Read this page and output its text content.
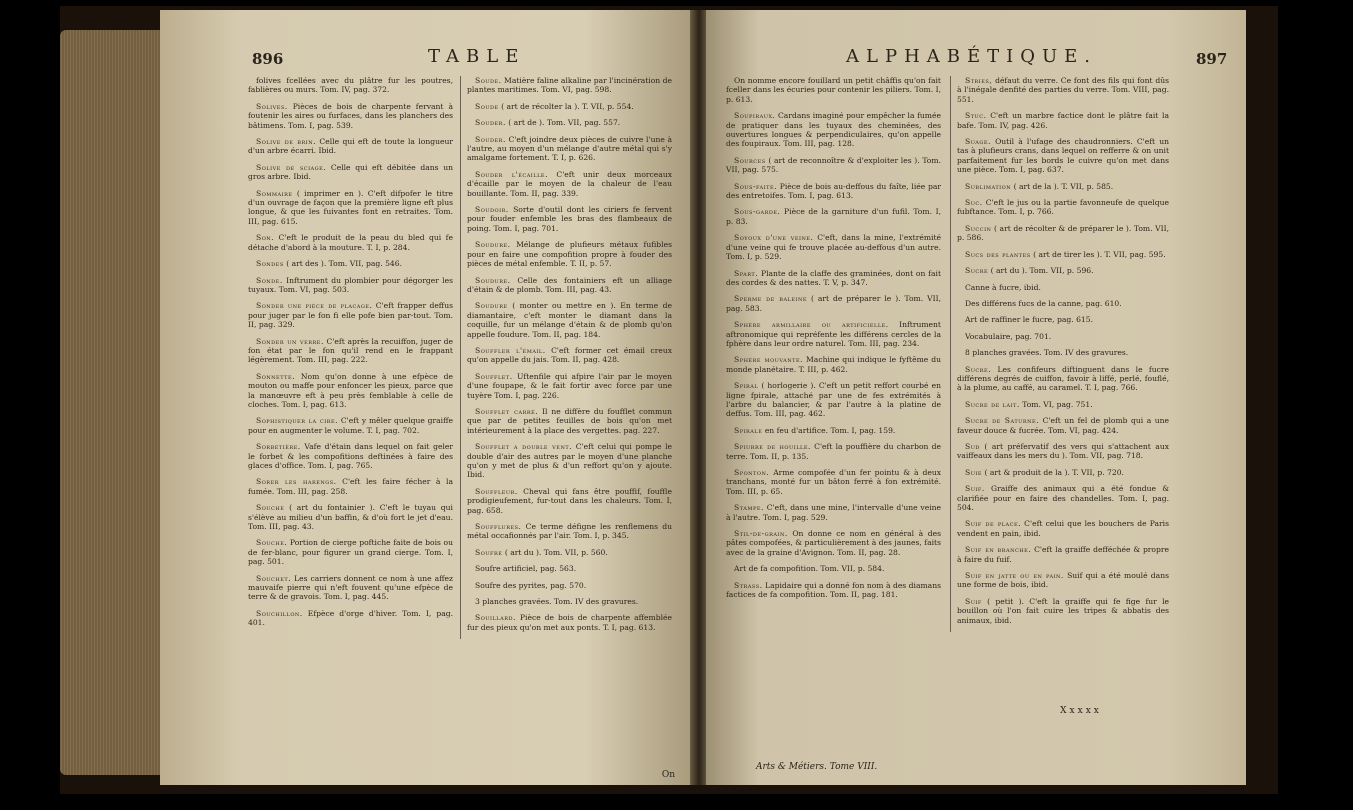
896	TABLE

folives fcellées avec du plâtre fur les poutres, fablières ou murs. Tom. IV, pag. 372.

Solives. Pièces de bois de charpente fervant à foutenir les aires ou furfaces, dans les planchers des bâtimens. Tom. I, pag. 539.

Solive de brin. Celle qui eft de toute la longueur d'un arbre écarri. Ibid.

Solive de sciage. Celle qui eft débitée dans un gros arbre. Ibid.

Sommaire ( imprimer en ). C'eft difpofer le titre d'un ouvrage de façon que la première ligne eft plus longue, & que les fuivantes font en retraites. Tom. III, pag. 615.

Son. C'eft le produit de la peau du bled qui fe détache d'abord à la mouture. T. I, p. 284.

Sondes ( art des ). Tom. VII, pag. 546.

Sonde. Inftrument du plombier pour dégorger les tuyaux. Tom. VI, pag. 503.

Sonder une pièce de placage. C'eft frapper deffus pour juger par le fon fi elle pofe bien par-tout. Tom. II, pag. 329.

Sonder un verre. C'eft après la recuiffon, juger de fon état par le fon qu'il rend en le frappant légèrement. Tom. III, pag. 222.

Sonnette. Nom qu'on donne à une efpèce de mouton ou maffe pour enfoncer les pieux, parce que la manœuvre eft à peu près femblable à celle de cloches. Tom. I, pag. 613.

Sophistiquer la cire. C'eft y mêler quelque graiffe pour en augmenter le volume. T. I, pag. 702.

Sorbetière. Vafe d'étain dans lequel on fait geler le forbet & les compofitions deftinées à faire des glaces d'office. Tom. I, pag. 765.

Sorer les harengs. C'eft les faire fécher à la fumée. Tom. III, pag. 258.

Souche ( art du fontainier ). C'eft le tuyau qui s'élève au milieu d'un baffin, & d'où fort le jet d'eau. Tom. III, pag. 43.

Souche. Portion de cierge poftiche faite de bois ou de fer-blanc, pour figurer un grand cierge. Tom. I, pag. 501.

Souchet. Les carriers donnent ce nom à une affez mauvaife pierre qui n'eft fouvent qu'une efpèce de terre & de gravois. Tom. I, pag. 445.

Souchillon. Efpèce d'orge d'hiver. Tom. I, pag. 401.

Soude. Matière faline alkaline par l'incinération de plantes maritimes. Tom. VI, pag. 598.

Soude ( art de récolter la ). T. VII, p. 554.

Souder. ( art de ). Tom. VII, pag. 557.

Souder. C'eft joindre deux pièces de cuivre l'une à l'autre, au moyen d'un mélange d'autre métal qui s'y amalgame fortement. T. I, p. 626.

Souder l'écaille. C'eft unir deux morceaux d'écaille par le moyen de la chaleur de l'eau bouillante. Tom. II, pag. 339.

Soudoir. Sorte d'outil dont les ciriers fe fervent pour fouder enfemble les bras des flambeaux de poing. Tom. I, pag. 701.

Soudure. Mélange de plufieurs métaux fufibles pour en faire une compofition propre à fouder des pièces de métal enfemble. T. II, p. 57.

Soudure. Celle des fontainiers eft un alliage d'étain & de plomb. Tom. III, pag. 43.

Soudure ( monter ou mettre en ). En terme de diamantaire, c'eft monter le diamant dans la coquille, fur un mélange d'étain & de plomb qu'on appelle foudure. Tom. II, pag. 184.

Souffler l'émail. C'eft former cet émail creux qu'on appelle du jais. Tom. II, pag. 428.

Soufflet. Uftenfile qui afpire l'air par le moyen d'une foupape, & le fait fortir avec force par une tuyère Tom. I, pag. 226.

Soufflet carré. Il ne diffère du foufflet commun que par de petites feuilles de bois qu'on met intérieurement à la place des vergettes. pag. 227.

Soufflet a double vent. C'eft celui qui pompe le double d'air des autres par le moyen d'une planche qu'on y met de plus & d'un reffort qu'on y ajoute. Ibid.

Souffleur. Cheval qui fans être pouffif, fouffle prodigieufement, fur-tout dans les chaleurs. Tom. I, pag. 658.

Soufflures. Ce terme défigne les renflemens du métal occafionnés par l'air. Tom. I, p. 345.

Soufre ( art du ). Tom. VII, p. 560.

Soufre artificiel, pag. 563.

Soufre des pyrites, pag. 570.

3 planches gravées. Tom. IV des gravures.

Souillard. Pièce de bois de charpente affemblée fur des pieux qu'on met aux ponts. T. I, pag. 613.

On
ALPHABÉTIQUE.	897

On nomme encore fouillard un petit châffis qu'on fait fceller dans les écuries pour contenir les piliers. Tom. I, p. 613.

Soupiraux. Cardans imaginé pour empêcher la fumée de pratiquer dans les tuyaux des cheminées, des ouvertures longues & perpendiculaires, qu'on appelle des foupiraux. Tom. III, pag. 128.

Sources ( art de reconnoître & d'exploiter les ). Tom. VII, pag. 575.

Sous-faite. Pièce de bois au-deffous du faîte, liée par des entretoifes. Tom. I, pag. 613.

Sous-garde. Pièce de la garniture d'un fufil. Tom. I, p. 83.

Soyoux d'une veine. C'eft, dans la mine, l'extrémité d'une veine qui fe trouve placée au-deffous d'un autre. Tom. I, p. 529.

Spart. Plante de la claffe des graminées, dont on fait des cordes & des nattes. T. V, p. 347.

Sperme de baleine ( art de préparer le ). Tom. VII, pag. 583.

Sphère armillaire ou artificielle. Inftrument aftronomique qui repréfente les différens cercles de la fphère dans leur ordre naturel. Tom. III, pag. 234.

Sphère mouvante. Machine qui indique le fyftême du monde planétaire. T. III, p. 462.

Spiral ( horlogerie ). C'eft un petit reffort courbé en ligne fpirale, attaché par une de fes extrémités à l'arbre du balancier, & par l'autre à la platine de deffus. Tom. III, pag. 462.

Spirale en feu d'artifice. Tom. I, pag. 159.

Spiurre de houille. C'eft la pouffière du charbon de terre. Tom. II, p. 135.

Sponton. Arme compofée d'un fer pointu & à deux tranchans, monté fur un bâton ferré à fon extrémité. Tom. III, p. 65.

Stampe. C'eft, dans une mine, l'intervalle d'une veine à l'autre. Tom. I, pag. 529.

Stil-de-grain. On donne ce nom en général à des pâtes compofées, & particulièrement à des jaunes, faits avec de la graine d'Avignon. Tom. II, pag. 28.

Art de fa compofition. Tom. VII, p. 584.

Strass. Lapidaire qui a donné fon nom à des diamans factices de fa compofition. Tom. II, pag. 181.

Arts & Métiers. Tome VIII.

Stries, défaut du verre. Ce font des fils qui font dûs à l'inégale denfité des parties du verre. Tom. VIII, pag. 551.

Stuc. C'eft un marbre factice dont le plâtre fait la bafe. Tom. IV, pag. 426.

Suage. Outil à l'ufage des chaudronniers. C'eft un tas à plufieurs crans, dans lequel on refferre & on unit parfaitement fur les bords le cuivre qu'on met dans une pièce. Tom. I, pag. 637.

Sublimation ( art de la ). T. VII, p. 585.

Suc. C'eft le jus ou la partie favonneufe de quelque fubftance. Tom. I, p. 766.

Succin ( art de récolter & de préparer le ). Tom. VII, p. 586.

Sucs des plantes ( art de tirer les ). T. VII, pag. 595.

Sucre ( art du ). Tom. VII, p. 596.

Canne à fucre, ibid.

Des différens fucs de la canne, pag. 610.

Art de raffiner le fucre, pag. 615.

Vocabulaire, pag. 701.

8 planches gravées. Tom. IV des gravures.

Sucre. Les confifeurs diftinguent dans le fucre différens degrés de cuiffon, favoir à liffé, perlé, fouflé, à la plume, au caffé, au caramel. T. I, pag. 766.

Sucre de lait. Tom. VI, pag. 751.

Sucre de Saturne. C'eft un fel de plomb qui a une faveur douce & fucrée. Tom. VI, pag. 424.

Sud ( art préfervatif des vers qui s'attachent aux vaiffeaux dans les mers du ). Tom. VII, pag. 718.

Suie ( art & produit de la ). T. VII, p. 720.

Suif. Graiffe des animaux qui a été fondue & clarifiée pour en faire des chandelles. Tom. I, pag. 504.

Suif de place. C'eft celui que les bouchers de Paris vendent en pain, ibid.

Suif en branche. C'eft la graiffe defféchée & propre à faire du fuif.

Suif en jatte ou en pain. Suif qui a été moulé dans une forme de bois, ibid.

Suif ( petit ). C'eft la graiffe qui fe fige fur le bouillon où l'on fait cuire les tripes & abbatis des animaux, ibid.

Xxxxx
